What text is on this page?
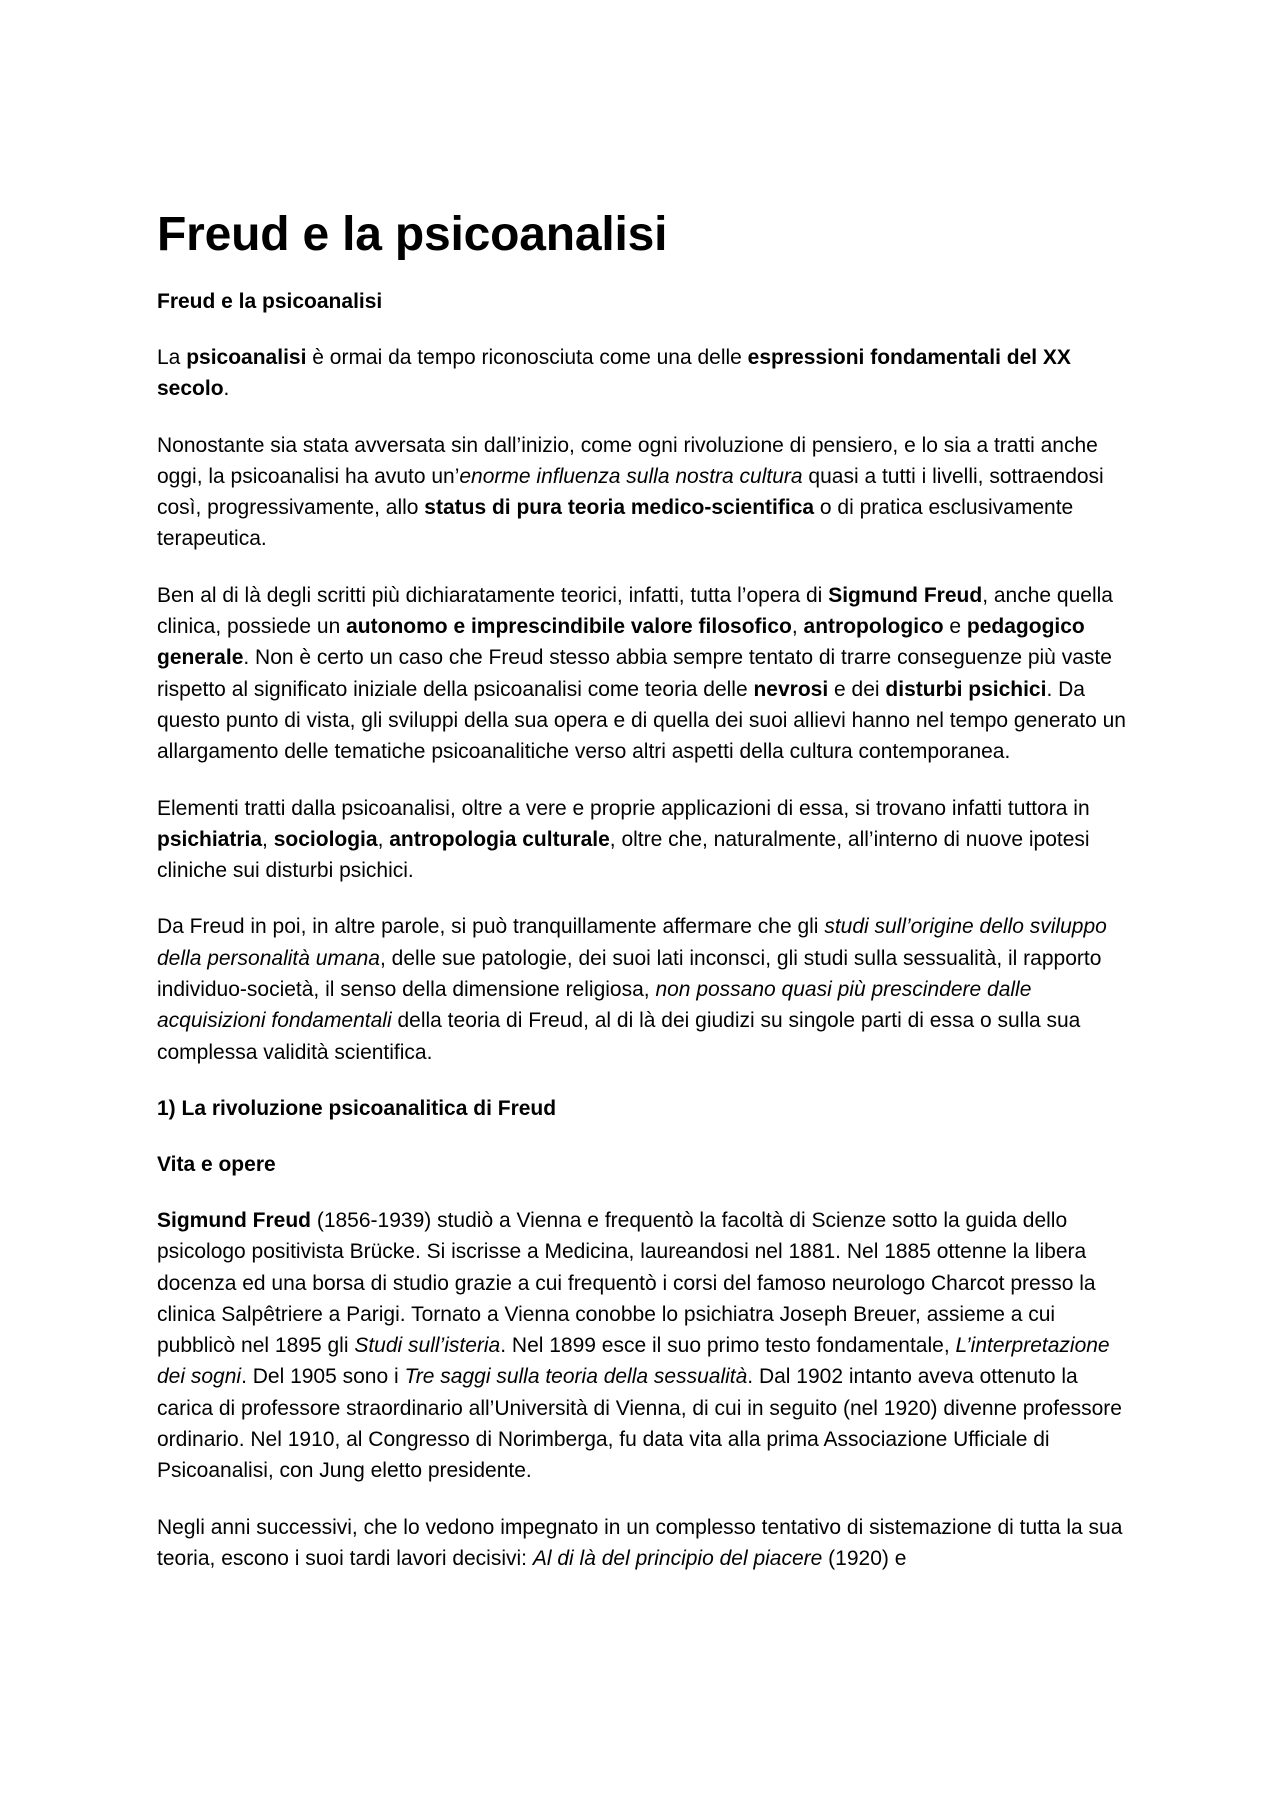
Freud e la psicoanalisi
Freud e la psicoanalisi

La psicoanalisi è ormai da tempo riconosciuta come una delle espressioni fondamentali del XX secolo.

Nonostante sia stata avversata sin dall’inizio, come ogni rivoluzione di pensiero, e lo sia a tratti anche oggi, la psicoanalisi ha avuto un’enorme influenza sulla nostra cultura quasi a tutti i livelli, sottraendosi così, progressivamente, allo status di pura teoria medico-scientifica o di pratica esclusivamente terapeutica.

Ben al di là degli scritti più dichiaratamente teorici, infatti, tutta l’opera di Sigmund Freud, anche quella clinica, possiede un autonomo e imprescindibile valore filosofico, antropologico e pedagogico generale. Non è certo un caso che Freud stesso abbia sempre tentato di trarre conseguenze più vaste rispetto al significato iniziale della psicoanalisi come teoria delle nevrosi e dei disturbi psichici. Da questo punto di vista, gli sviluppi della sua opera e di quella dei suoi allievi hanno nel tempo generato un allargamento delle tematiche psicoanalitiche verso altri aspetti della cultura contemporanea.

Elementi tratti dalla psicoanalisi, oltre a vere e proprie applicazioni di essa, si trovano infatti tuttora in psichiatria, sociologia, antropologia culturale, oltre che, naturalmente, all’interno di nuove ipotesi cliniche sui disturbi psichici.

Da Freud in poi, in altre parole, si può tranquillamente affermare che gli studi sull’origine dello sviluppo della personalità umana, delle sue patologie, dei suoi lati inconsci, gli studi sulla sessualità, il rapporto individuo-società, il senso della dimensione religiosa, non possano quasi più prescindere dalle acquisizioni fondamentali della teoria di Freud, al di là dei giudizi su singole parti di essa o sulla sua complessa validità scientifica.

1) La rivoluzione psicoanalitica di Freud
Vita e opere

Sigmund Freud (1856-1939) studiò a Vienna e frequentò la facoltà di Scienze sotto la guida dello psicologo positivista Brücke. Si iscrisse a Medicina, laureandosi nel 1881. Nel 1885 ottenne la libera docenza ed una borsa di studio grazie a cui frequentò i corsi del famoso neurologo Charcot presso la clinica Salpêtriere a Parigi. Tornato a Vienna conobbe lo psichiatra Joseph Breuer, assieme a cui pubblicò nel 1895 gli Studi sull’isteria. Nel 1899 esce il suo primo testo fondamentale, L’interpretazione dei sogni. Del 1905 sono i Tre saggi sulla teoria della sessualità. Dal 1902 intanto aveva ottenuto la carica di professore straordinario all’Università di Vienna, di cui in seguito (nel 1920) divenne professore ordinario. Nel 1910, al Congresso di Norimberga, fu data vita alla prima Associazione Ufficiale di Psicoanalisi, con Jung eletto presidente.

Negli anni successivi, che lo vedono impegnato in un complesso tentativo di sistemazione di tutta la sua teoria, escono i suoi tardi lavori decisivi: Al di là del principio del piacere (1920) e
